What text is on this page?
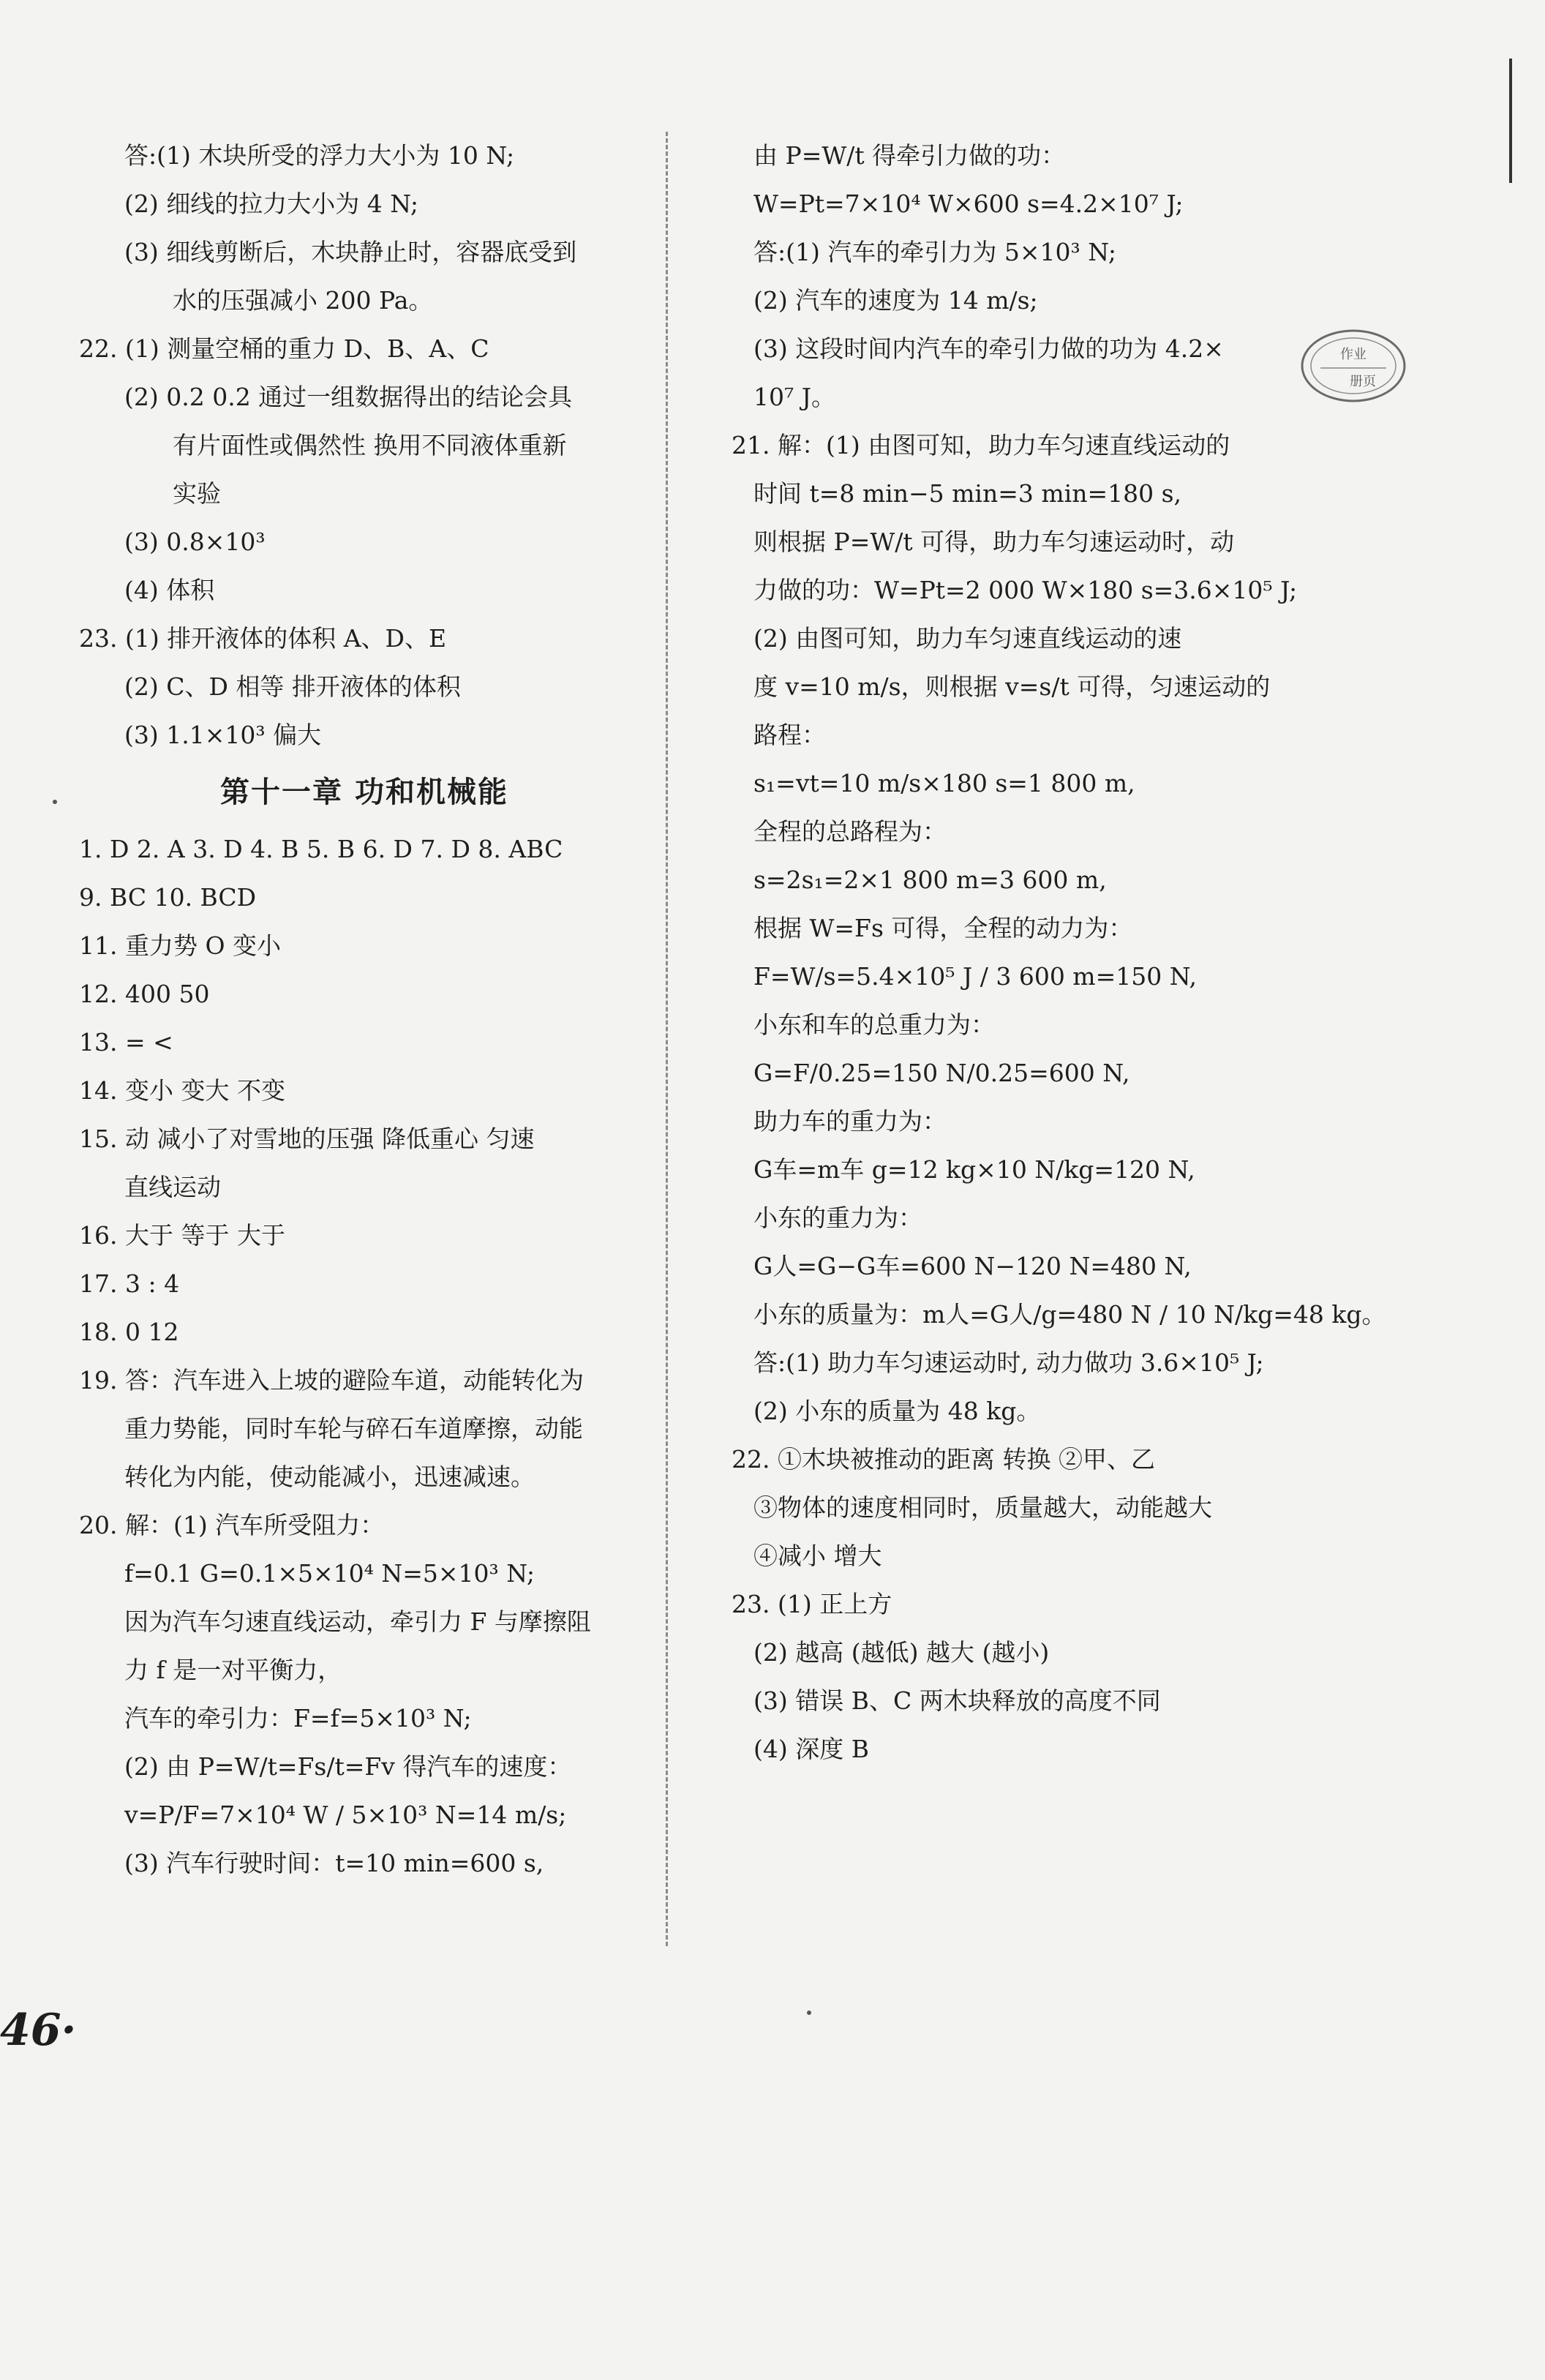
答:(1) 木块所受的浮力大小为 10 N;
(2) 细线的拉力大小为 4 N;
(3) 细线剪断后，木块静止时，容器底受到
水的压强减小 200 Pa。
22. (1) 测量空桶的重力 D、B、A、C
(2) 0.2 0.2 通过一组数据得出的结论会具
有片面性或偶然性 换用不同液体重新
实验
(3) 0.8×10³
(4) 体积
23. (1) 排开液体的体积 A、D、E
(2) C、D 相等 排开液体的体积
(3) 1.1×10³ 偏大
第十一章 功和机械能
1. D 2. A 3. D 4. B 5. B 6. D 7. D 8. ABC
9. BC 10. BCD
11. 重力势 O 变小
12. 400 50
13. = <
14. 变小 变大 不变
15. 动 减小了对雪地的压强 降低重心 匀速
直线运动
16. 大于 等于 大于
17. 3 : 4
18. 0 12
19. 答：汽车进入上坡的避险车道，动能转化为
重力势能，同时车轮与碎石车道摩擦，动能
转化为内能，使动能减小，迅速减速。
20. 解：(1) 汽车所受阻力：
f=0.1 G=0.1×5×10⁴ N=5×10³ N;
因为汽车匀速直线运动，牵引力 F 与摩擦阻
力 f 是一对平衡力，
汽车的牵引力：F=f=5×10³ N;
(2) 由 P=W/t=Fs/t=Fv 得汽车的速度：
v=P/F=7×10⁴ W / 5×10³ N=14 m/s;
(3) 汽车行驶时间：t=10 min=600 s,
由 P=W/t 得牵引力做的功：
W=Pt=7×10⁴ W×600 s=4.2×10⁷ J;
答:(1) 汽车的牵引力为 5×10³ N;
(2) 汽车的速度为 14 m/s;
(3) 这段时间内汽车的牵引力做的功为 4.2×
10⁷ J。
21. 解：(1) 由图可知，助力车匀速直线运动的
时间 t=8 min−5 min=3 min=180 s,
则根据 P=W/t 可得，助力车匀速运动时，动
力做的功：W=Pt=2 000 W×180 s=3.6×10⁵ J;
(2) 由图可知，助力车匀速直线运动的速
度 v=10 m/s，则根据 v=s/t 可得，匀速运动的
路程：
s₁=vt=10 m/s×180 s=1 800 m,
全程的总路程为：
s=2s₁=2×1 800 m=3 600 m,
根据 W=Fs 可得，全程的动力为：
F=W/s=5.4×10⁵ J / 3 600 m=150 N,
小东和车的总重力为：
G=F/0.25=150 N/0.25=600 N,
助力车的重力为：
G车=m车 g=12 kg×10 N/kg=120 N,
小东的重力为：
G人=G−G车=600 N−120 N=480 N,
小东的质量为：m人=G人/g=480 N / 10 N/kg=48 kg。
答:(1) 助力车匀速运动时, 动力做功 3.6×10⁵ J;
(2) 小东的质量为 48 kg。
22. ①木块被推动的距离 转换 ②甲、乙
③物体的速度相同时，质量越大，动能越大
④减小 增大
23. (1) 正上方
(2) 越高 (越低) 越大 (越小)
(3) 错误 B、C 两木块释放的高度不同
(4) 深度 B
作业
册页
46·
